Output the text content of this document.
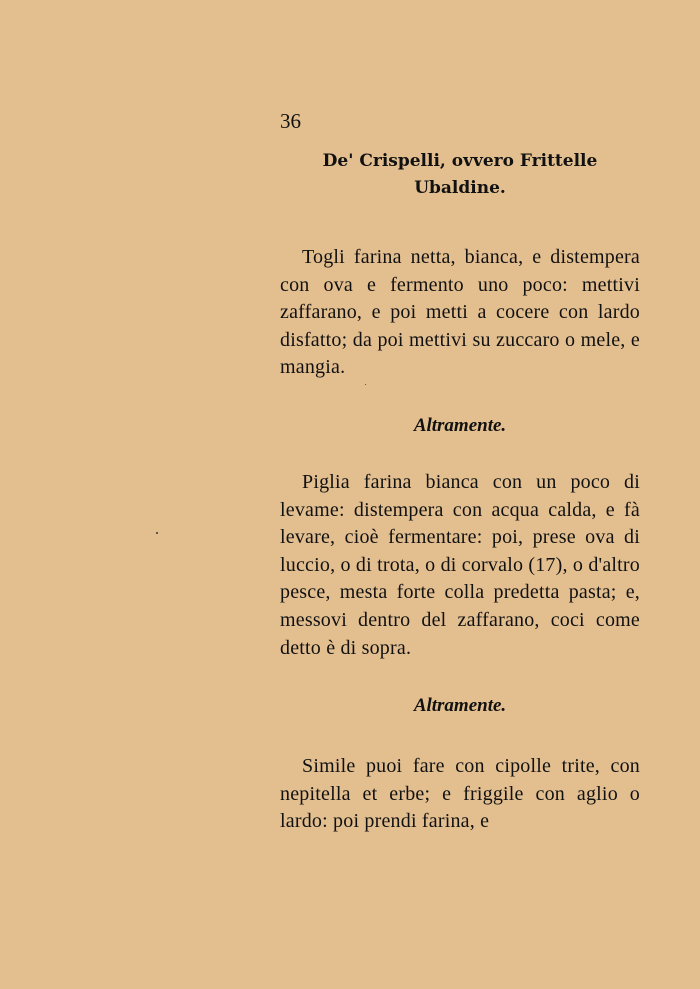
36
De' Crispelli, ovvero Frittelle Ubaldine.

Togli farina netta, bianca, e distempera con ova e fermento uno poco: mettivi zaffarano, e poi metti a cocere con lardo disfatto; da poi mettivi su zuccaro o mele, e mangia.

Altramente.

Piglia farina bianca con un poco di levame: distempera con acqua calda, e fà levare, cioè fermentare: poi, prese ova di luccio, o di trota, o di corvalo (17), o d'altro pesce, mesta forte colla predetta pasta; e, messovi dentro del zaffarano, coci come detto è di sopra.

Altramente.

Simile puoi fare con cipolle trite, con nepitella et erbe; e friggile con aglio o lardo: poi prendi farina, e
